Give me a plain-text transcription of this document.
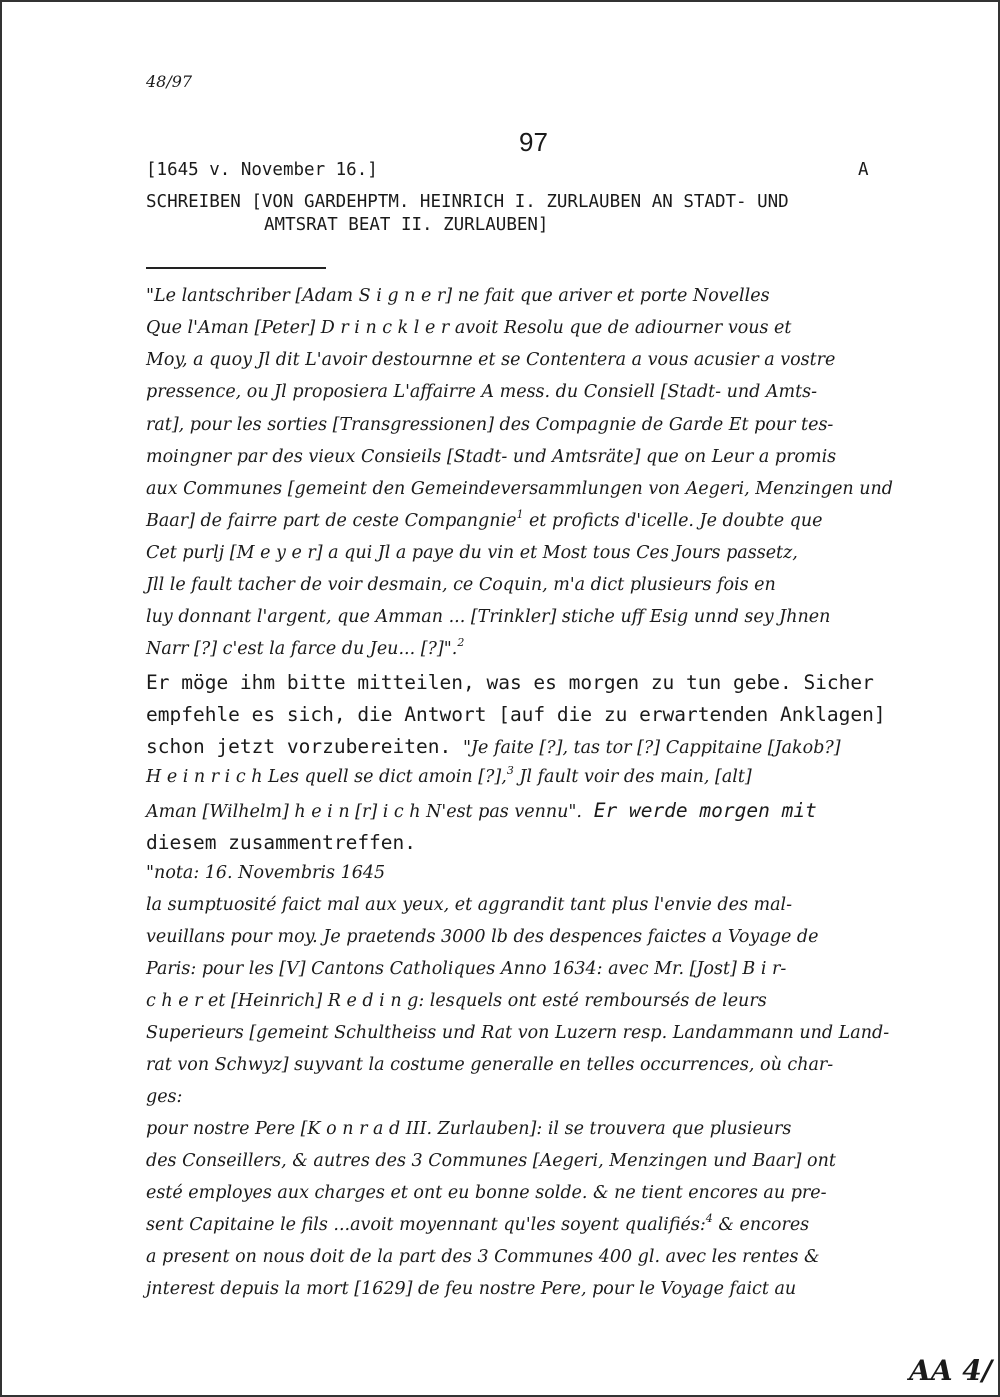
48/97
97
[1645 v. November 16.]	A
SCHREIBEN [VON GARDEHPTM. HEINRICH I. ZURLAUBEN AN STADT- UND
AMTSRAT BEAT II. ZURLAUBEN]
"Le lantschriber [Adam S i g n e r] ne fait que ariver et porte Novelles
Que l'Aman [Peter] D r i n c k l e r avoit Resolu que de adiourner vous et
Moy, a quoy Jl dit L'avoir destournne et se Contentera a vous acusier a vostre
pressence, ou Jl proposiera L'affairre A mess. du Consiell [Stadt- und Amts-
rat], pour les sorties [Transgressionen] des Compagnie de Garde Et pour tes-
moingner par des vieux Consieils [Stadt- und Amtsräte] que on Leur a promis
aux Communes [gemeint den Gemeindeversammlungen von Aegeri, Menzingen und
Baar] de fairre part de ceste Compangnie$^1$ et proficts d'icelle. Je doubte que
Cet purlj [M e y e r] a qui Jl a paye du vin et Most tous Ces Jours passetz,
Jll le fault tacher de voir desmain, ce Coquin, m'a dict plusieurs fois en
luy donnant l'argent, que Amman ... [Trinkler] stiche uff Esig unnd sey Jhnen
Narr [?] c'est la farce du Jeu... [?]".$^2$
Er möge ihm bitte mitteilen, was es morgen zu tun gebe. Sicher
empfehle es sich, die Antwort [auf die zu erwartenden Anklagen]
schon jetzt vorzubereiten. "Je faite [?], tas tor [?] Cappitaine [Jakob?]
H e i n r i c h Les quell se dict amoin [?],$^3$ Jl fault voir des main, [alt]
Aman [Wilhelm] h e i n [r] i c h N'est pas vennu". Er werde morgen mit
diesem zusammentreffen.
"nota: 16. Novembris 1645
la sumptuosité faict mal aux yeux, et aggrandit tant plus l'envie des mal-
veuillans pour moy. Je praetends 3000 lb des despences faictes a Voyage de
Paris: pour les [V] Cantons Catholiques Anno 1634: avec Mr. [Jost] B i r-
c h e r et [Heinrich] R e d i n g: lesquels ont esté remboursés de leurs
Superieurs [gemeint Schultheiss und Rat von Luzern resp. Landammann und Land-
rat von Schwyz] suyvant la costume generalle en telles occurrences, où char-
ges:
pour nostre Pere [K o n r a d III. Zurlauben]: il se trouvera que plusieurs
des Conseillers, & autres des 3 Communes [Aegeri, Menzingen und Baar] ont
esté employes aux charges et ont eu bonne solde. & ne tient encores au pre-
sent Capitaine le fils ...avoit moyennant qu'les soyent qualifiés:$^4$ & encores
a present on nous doit de la part des 3 Communes 400 gl. avec les rentes &
jnterest depuis la mort [1629] de feu nostre Pere, pour le Voyage faict au
AA 4/
